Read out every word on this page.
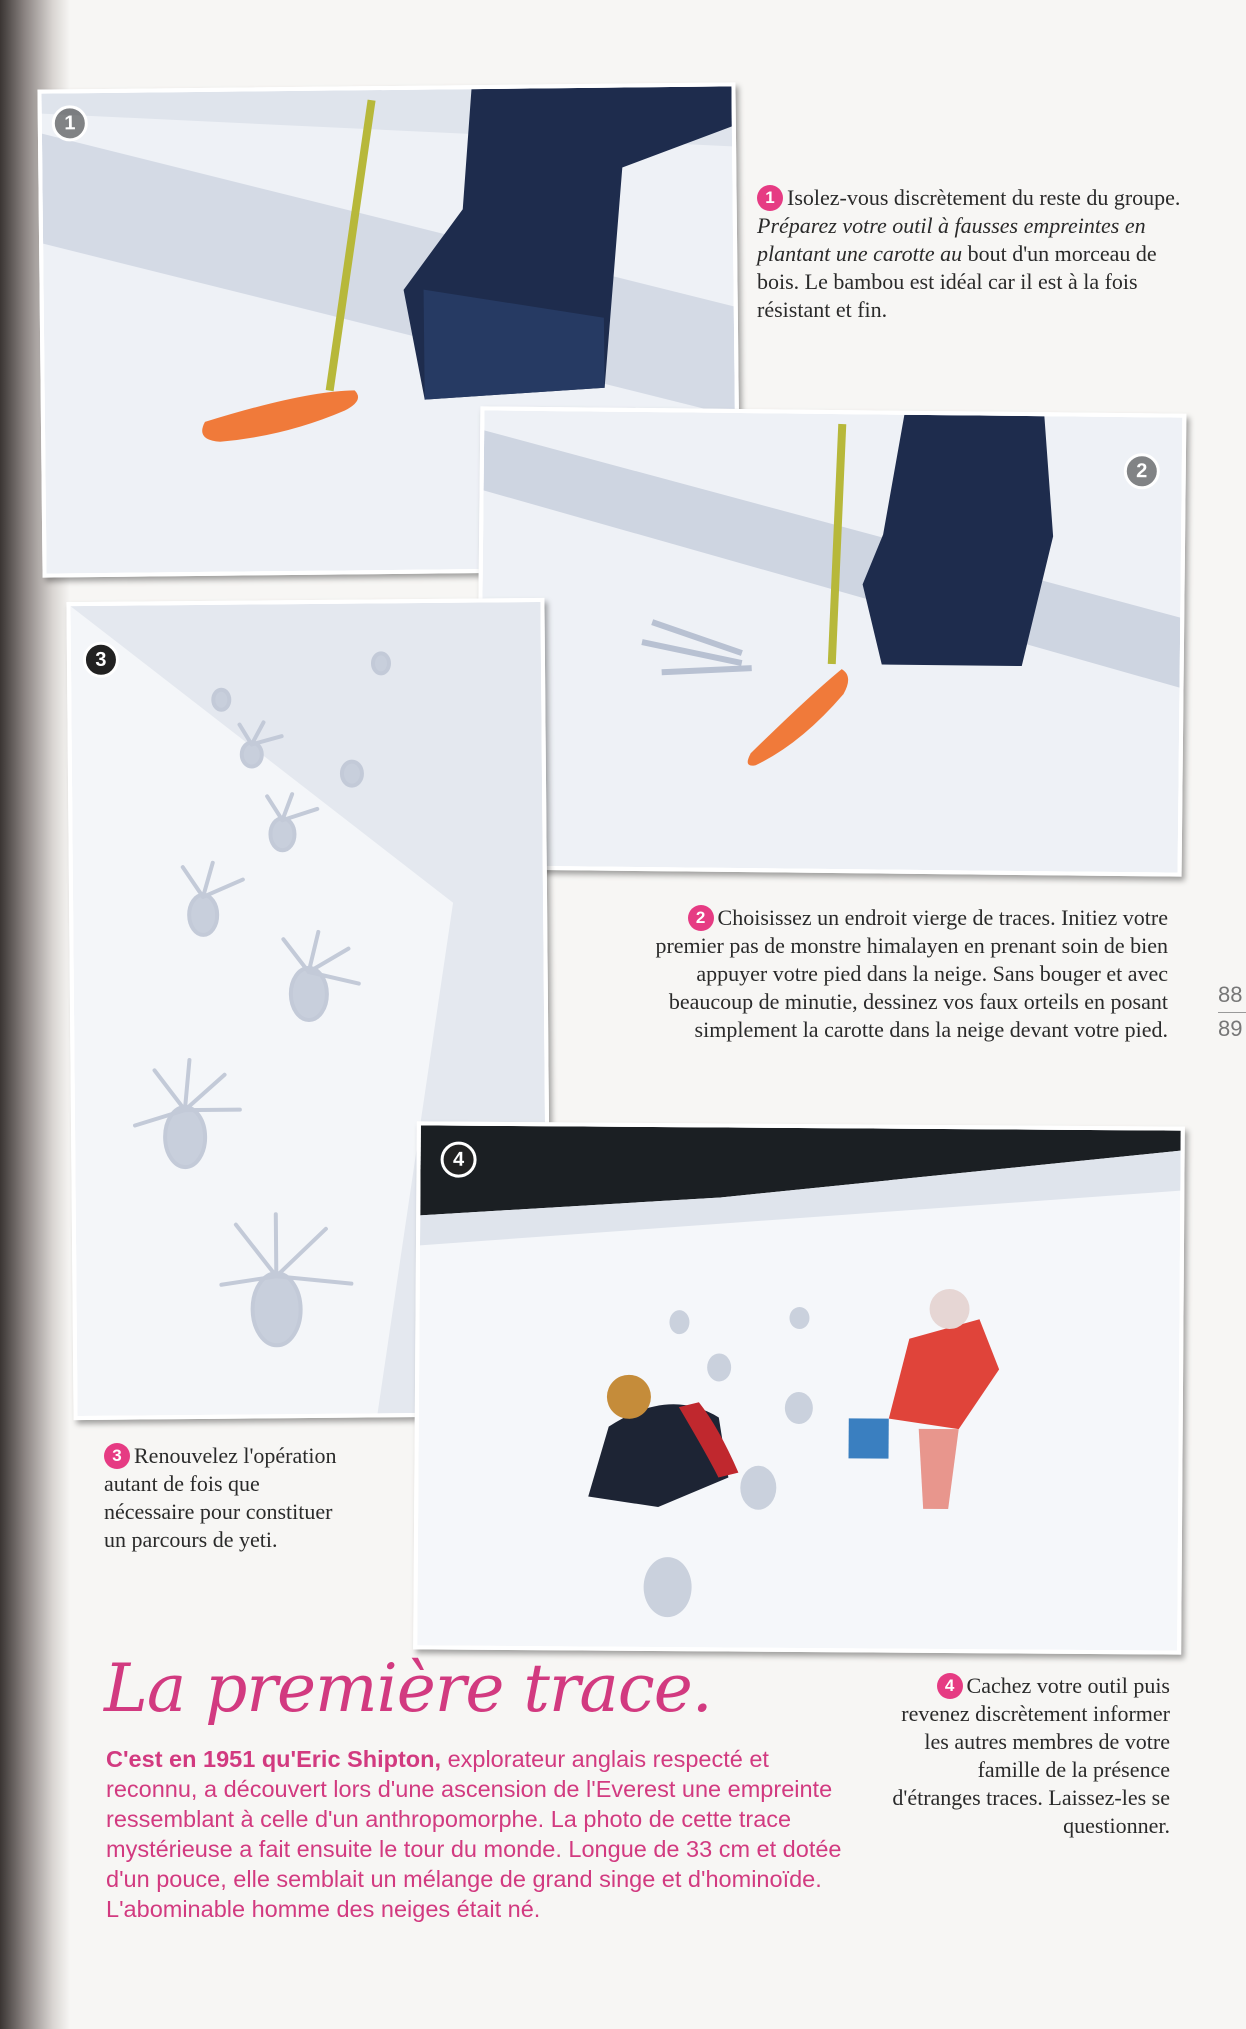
1
2
3
4
1 Isolez-vous discrètement du reste du groupe. Préparez votre outil à fausses empreintes en plantant une carotte au bout d'un morceau de bois. Le bambou est idéal car il est à la fois résistant et fin.
2 Choisissez un endroit vierge de traces. Initiez votre premier pas de monstre himalayen en prenant soin de bien appuyer votre pied dans la neige. Sans bouger et avec beaucoup de minutie, dessinez vos faux orteils en posant simplement la carotte dans la neige devant votre pied.
3 Renouvelez l'opération autant de fois que nécessaire pour constituer un parcours de yeti.
4 Cachez votre outil puis revenez discrètement informer les autres membres de votre famille de la présence d'étranges traces. Laissez-les se questionner.
La première trace.
C'est en 1951 qu'Eric Shipton, explorateur anglais respecté et reconnu, a découvert lors d'une ascension de l'Everest une empreinte ressemblant à celle d'un anthropomorphe. La photo de cette trace mystérieuse a fait ensuite le tour du monde. Longue de 33 cm et dotée d'un pouce, elle semblait un mélange de grand singe et d'hominoïde. L'abominable homme des neiges était né.
88
89
